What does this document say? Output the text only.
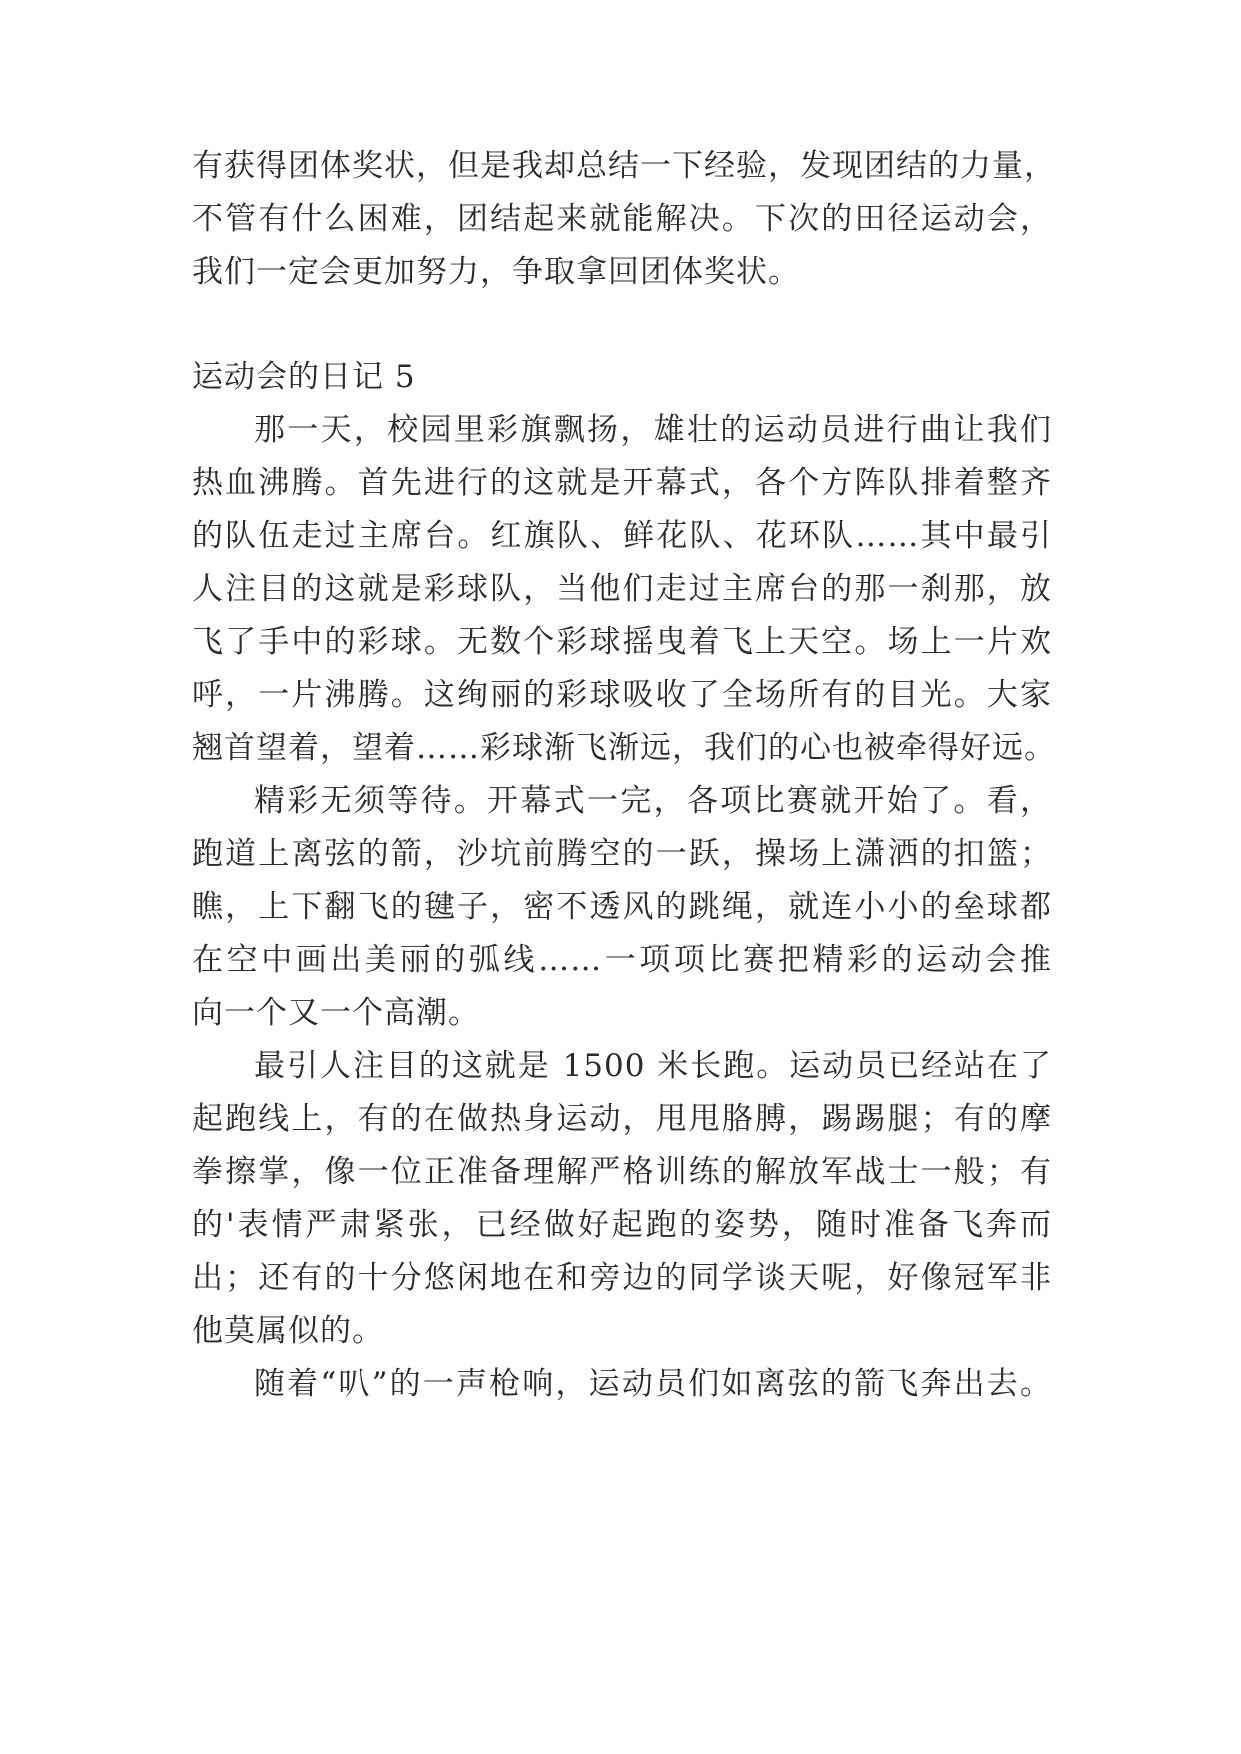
有获得团体奖状，但是我却总结一下经验，发现团结的力量，
不管有什么困难，团结起来就能解决。下次的田径运动会，
我们一定会更加努力，争取拿回团体奖状。
运动会的日记 5
那一天，校园里彩旗飘扬，雄壮的运动员进行曲让我们
热血沸腾。首先进行的这就是开幕式，各个方阵队排着整齐
的队伍走过主席台。红旗队、鲜花队、花环队……其中最引
人注目的这就是彩球队，当他们走过主席台的那一刹那，放
飞了手中的彩球。无数个彩球摇曳着飞上天空。场上一片欢
呼，一片沸腾。这绚丽的彩球吸收了全场所有的目光。大家
翘首望着，望着……彩球渐飞渐远，我们的心也被牵得好远。
精彩无须等待。开幕式一完，各项比赛就开始了。看，
跑道上离弦的箭，沙坑前腾空的一跃，操场上潇洒的扣篮；
瞧，上下翻飞的毽子，密不透风的跳绳，就连小小的垒球都
在空中画出美丽的弧线……一项项比赛把精彩的运动会推
向一个又一个高潮。
最引人注目的这就是 1500 米长跑。运动员已经站在了
起跑线上，有的在做热身运动，甩甩胳膊，踢踢腿；有的摩
拳擦掌，像一位正准备理解严格训练的解放军战士一般；有
的'表情严肃紧张，已经做好起跑的姿势，随时准备飞奔而
出；还有的十分悠闲地在和旁边的同学谈天呢，好像冠军非
他莫属似的。
随着“叭”的一声枪响，运动员们如离弦的箭飞奔出去。
